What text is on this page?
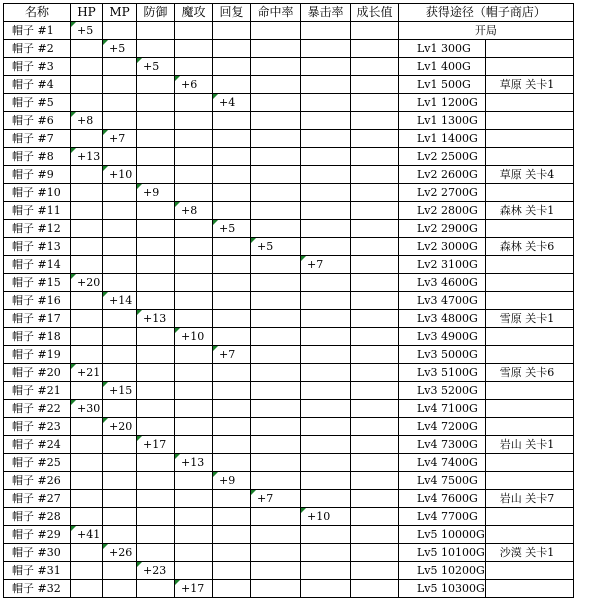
名称	HP	MP	防御	魔攻	回复	命中率	暴击率	成长值	获得途径（帽子商店）	
帽子 #1	+5								开局	
帽子 #2		+5							Lv1 300G	
帽子 #3			+5						Lv1 400G	
帽子 #4				+6					Lv1 500G	草原 关卡1
帽子 #5					+4				Lv1 1200G	
帽子 #6	+8								Lv1 1300G	
帽子 #7		+7							Lv1 1400G	
帽子 #8	+13								Lv2 2500G	
帽子 #9		+10							Lv2 2600G	草原 关卡4
帽子 #10			+9						Lv2 2700G	
帽子 #11				+8					Lv2 2800G	森林 关卡1
帽子 #12					+5				Lv2 2900G	
帽子 #13						+5			Lv2 3000G	森林 关卡6
帽子 #14							+7		Lv2 3100G	
帽子 #15	+20								Lv3 4600G	
帽子 #16		+14							Lv3 4700G	
帽子 #17			+13						Lv3 4800G	雪原 关卡1
帽子 #18				+10					Lv3 4900G	
帽子 #19					+7				Lv3 5000G	
帽子 #20	+21								Lv3 5100G	雪原 关卡6
帽子 #21		+15							Lv3 5200G	
帽子 #22	+30								Lv4 7100G	
帽子 #23		+20							Lv4 7200G	
帽子 #24			+17						Lv4 7300G	岩山 关卡1
帽子 #25				+13					Lv4 7400G	
帽子 #26					+9				Lv4 7500G	
帽子 #27						+7			Lv4 7600G	岩山 关卡7
帽子 #28							+10		Lv4 7700G	
帽子 #29	+41								Lv5 10000G	
帽子 #30		+26							Lv5 10100G	沙漠 关卡1
帽子 #31			+23						Lv5 10200G	
帽子 #32				+17					Lv5 10300G	
